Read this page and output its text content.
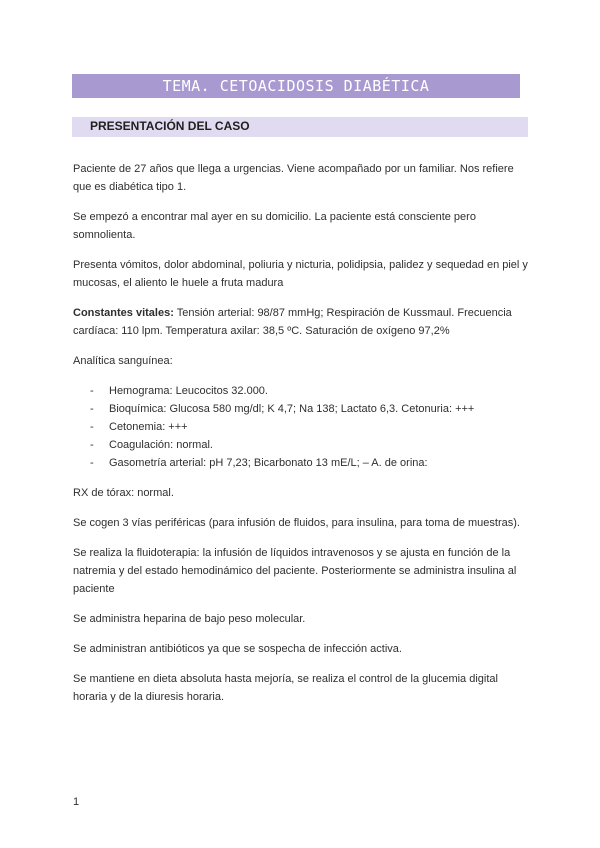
TEMA. CETOACIDOSIS DIABÉTICA
PRESENTACIÓN DEL CASO

Paciente de 27 años que llega a urgencias. Viene acompañado por un familiar. Nos refiere que es diabética tipo 1.

Se empezó a encontrar mal ayer en su domicilio. La paciente está consciente pero somnolienta.

Presenta vómitos, dolor abdominal, poliuria y nicturia, polidipsia, palidez y sequedad en piel y mucosas, el aliento le huele a fruta madura

Constantes vitales: Tensión arterial: 98/87 mmHg; Respiración de Kussmaul. Frecuencia cardíaca: 110 lpm. Temperatura axilar: 38,5 ºC. Saturación de oxígeno 97,2%

Analítica sanguínea:

- Hemograma: Leucocitos 32.000.
- Bioquímica: Glucosa 580 mg/dl; K 4,7; Na 138; Lactato 6,3. Cetonuria: +++
- Cetonemia: +++
- Coagulación: normal.
- Gasometría arterial: pH 7,23; Bicarbonato 13 mE/L; – A. de orina:

RX de tórax: normal.

Se cogen 3 vías periféricas (para infusión de fluidos, para insulina, para toma de muestras).

Se realiza la fluidoterapia: la infusión de líquidos intravenosos y se ajusta en función de la natremia y del estado hemodinámico del paciente. Posteriormente se administra insulina al paciente

Se administra heparina de bajo peso molecular.

Se administran antibióticos ya que se sospecha de infección activa.

Se mantiene en dieta absoluta hasta mejoría, se realiza el control de la glucemia digital horaria y de la diuresis horaria.

1
